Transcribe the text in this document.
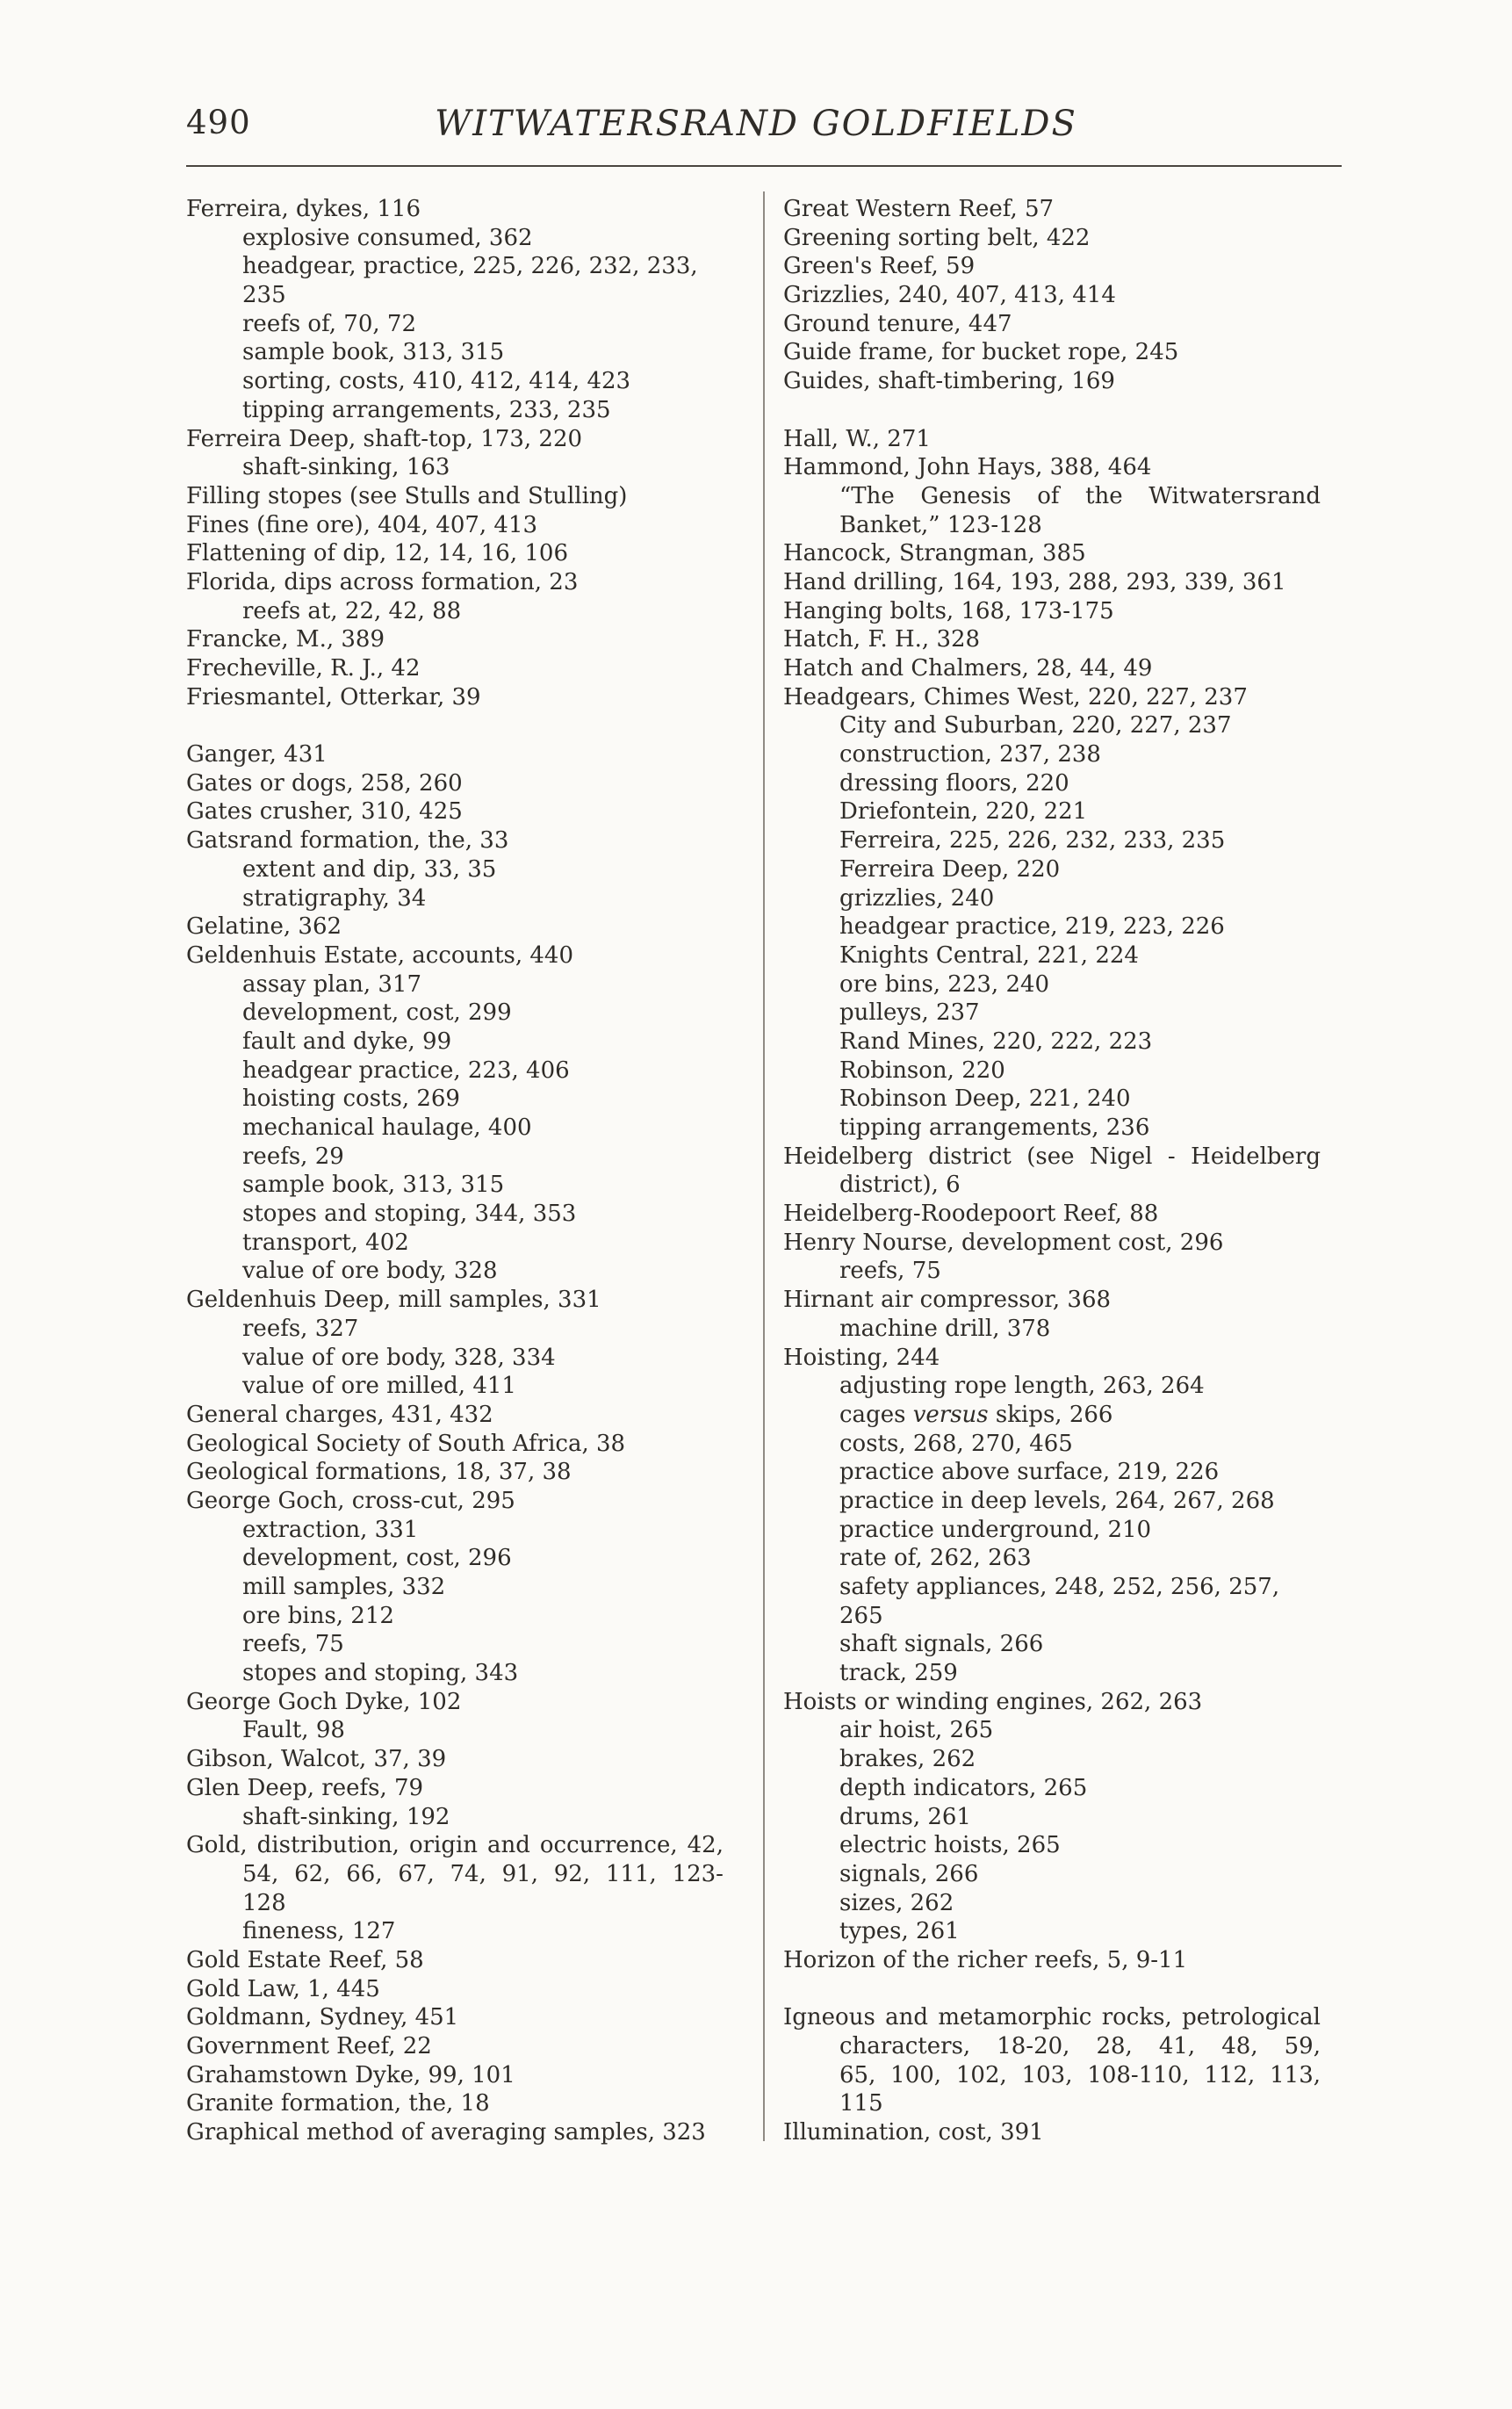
490	WITWATERSRAND GOLDFIELDS
Ferreira, dykes, 116
explosive consumed, 362
headgear, practice, 225, 226, 232, 233,
235
reefs of, 70, 72
sample book, 313, 315
sorting, costs, 410, 412, 414, 423
tipping arrangements, 233, 235
Ferreira Deep, shaft-top, 173, 220
shaft-sinking, 163
Filling stopes (see Stulls and Stulling)
Fines (fine ore), 404, 407, 413
Flattening of dip, 12, 14, 16, 106
Florida, dips across formation, 23
reefs at, 22, 42, 88
Francke, M., 389
Frecheville, R. J., 42
Friesmantel, Otterkar, 39
Ganger, 431
Gates or dogs, 258, 260
Gates crusher, 310, 425
Gatsrand formation, the, 33
extent and dip, 33, 35
stratigraphy, 34
Gelatine, 362
Geldenhuis Estate, accounts, 440
assay plan, 317
development, cost, 299
fault and dyke, 99
headgear practice, 223, 406
hoisting costs, 269
mechanical haulage, 400
reefs, 29
sample book, 313, 315
stopes and stoping, 344, 353
transport, 402
value of ore body, 328
Geldenhuis Deep, mill samples, 331
reefs, 327
value of ore body, 328, 334
value of ore milled, 411
General charges, 431, 432
Geological Society of South Africa, 38
Geological formations, 18, 37, 38
George Goch, cross-cut, 295
extraction, 331
development, cost, 296
mill samples, 332
ore bins, 212
reefs, 75
stopes and stoping, 343
George Goch Dyke, 102
Fault, 98
Gibson, Walcot, 37, 39
Glen Deep, reefs, 79
shaft-sinking, 192
Gold, distribution, origin and occurrence, 42,
54, 62, 66, 67, 74, 91, 92, 111, 123-
128
fineness, 127
Gold Estate Reef, 58
Gold Law, 1, 445
Goldmann, Sydney, 451
Government Reef, 22
Grahamstown Dyke, 99, 101
Granite formation, the, 18
Graphical method of averaging samples, 323
Great Western Reef, 57
Greening sorting belt, 422
Green's Reef, 59
Grizzlies, 240, 407, 413, 414
Ground tenure, 447
Guide frame, for bucket rope, 245
Guides, shaft-timbering, 169
Hall, W., 271
Hammond, John Hays, 388, 464
“The Genesis of the Witwatersrand
Banket,” 123-128
Hancock, Strangman, 385
Hand drilling, 164, 193, 288, 293, 339, 361
Hanging bolts, 168, 173-175
Hatch, F. H., 328
Hatch and Chalmers, 28, 44, 49
Headgears, Chimes West, 220, 227, 237
City and Suburban, 220, 227, 237
construction, 237, 238
dressing floors, 220
Driefontein, 220, 221
Ferreira, 225, 226, 232, 233, 235
Ferreira Deep, 220
grizzlies, 240
headgear practice, 219, 223, 226
Knights Central, 221, 224
ore bins, 223, 240
pulleys, 237
Rand Mines, 220, 222, 223
Robinson, 220
Robinson Deep, 221, 240
tipping arrangements, 236
Heidelberg district (see Nigel - Heidelberg
district), 6
Heidelberg-Roodepoort Reef, 88
Henry Nourse, development cost, 296
reefs, 75
Hirnant air compressor, 368
machine drill, 378
Hoisting, 244
adjusting rope length, 263, 264
cages versus skips, 266
costs, 268, 270, 465
practice above surface, 219, 226
practice in deep levels, 264, 267, 268
practice underground, 210
rate of, 262, 263
safety appliances, 248, 252, 256, 257,
265
shaft signals, 266
track, 259
Hoists or winding engines, 262, 263
air hoist, 265
brakes, 262
depth indicators, 265
drums, 261
electric hoists, 265
signals, 266
sizes, 262
types, 261
Horizon of the richer reefs, 5, 9-11
Igneous and metamorphic rocks, petrological
characters, 18-20, 28, 41, 48, 59,
65, 100, 102, 103, 108-110, 112, 113,
115
Illumination, cost, 391
